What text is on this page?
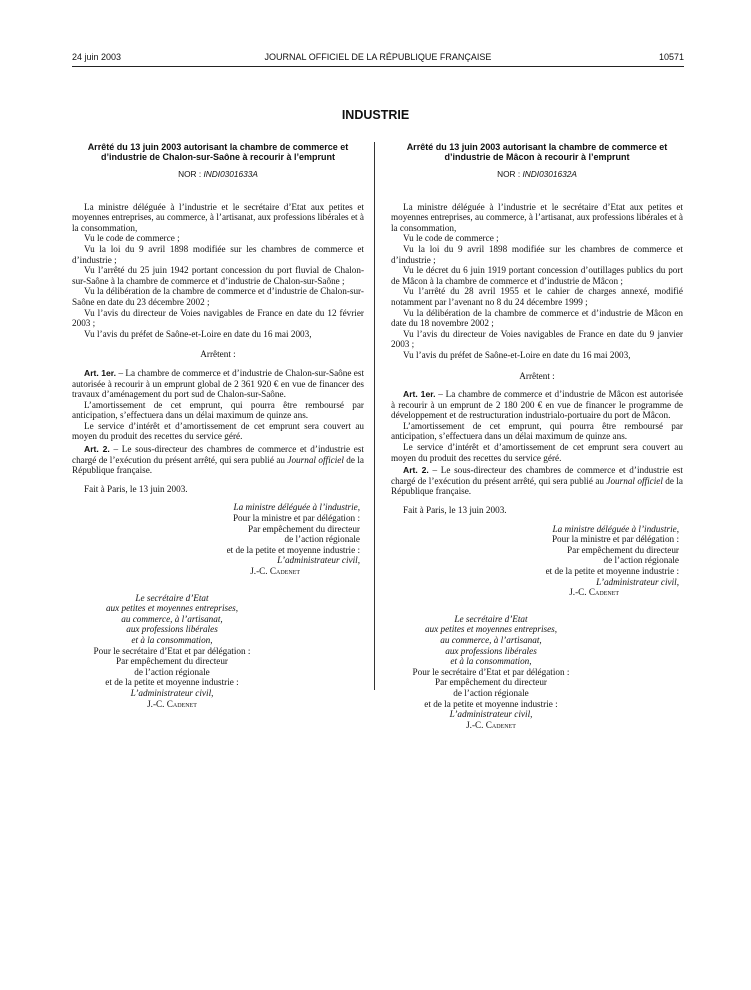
24 juin 2003	JOURNAL OFFICIEL DE LA RÉPUBLIQUE FRANÇAISE	10571
INDUSTRIE
Arrêté du 13 juin 2003 autorisant la chambre de commerce et d’industrie de Chalon-sur-Saône à recourir à l’emprunt
NOR : INDI0301633A

La ministre déléguée à l’industrie et le secrétaire d’Etat aux petites et moyennes entreprises, au commerce, à l’artisanat, aux professions libérales et à la consommation,

Vu le code de commerce ;

Vu la loi du 9 avril 1898 modifiée sur les chambres de commerce et d’industrie ;

Vu l’arrêté du 25 juin 1942 portant concession du port fluvial de Chalon-sur-Saône à la chambre de commerce et d’industrie de Chalon-sur-Saône ;

Vu la délibération de la chambre de commerce et d’industrie de Chalon-sur-Saône en date du 23 décembre 2002 ;

Vu l’avis du directeur de Voies navigables de France en date du 12 février 2003 ;

Vu l’avis du préfet de Saône-et-Loire en date du 16 mai 2003,

Arrêtent :

Art. 1er. – La chambre de commerce et d’industrie de Chalon-sur-Saône est autorisée à recourir à un emprunt global de 2 361 920 € en vue de financer des travaux d’aménagement du port sud de Chalon-sur-Saône.

L’amortissement de cet emprunt, qui pourra être remboursé par anticipation, s’effectuera dans un délai maximum de quinze ans.

Le service d’intérêt et d’amortissement de cet emprunt sera couvert au moyen du produit des recettes du service géré.

Art. 2. – Le sous-directeur des chambres de commerce et d’industrie est chargé de l’exécution du présent arrêté, qui sera publié au Journal officiel de la République française.

Fait à Paris, le 13 juin 2003.

La ministre déléguée à l’industrie,
Pour la ministre et par délégation :
Par empêchement du directeur
de l’action régionale
et de la petite et moyenne industrie :
L’administrateur civil,
J.-C. Cadenet
Le secrétaire d’Etat
aux petites et moyennes entreprises,
au commerce, à l’artisanat,
aux professions libérales
et à la consommation,
Pour le secrétaire d’Etat et par délégation :
Par empêchement du directeur
de l’action régionale
et de la petite et moyenne industrie :
L’administrateur civil,
J.-C. Cadenet
Arrêté du 13 juin 2003 autorisant la chambre de commerce et d’industrie de Mâcon à recourir à l’emprunt
NOR : INDI0301632A

La ministre déléguée à l’industrie et le secrétaire d’Etat aux petites et moyennes entreprises, au commerce, à l’artisanat, aux professions libérales et à la consommation,

Vu le code de commerce ;

Vu la loi du 9 avril 1898 modifiée sur les chambres de commerce et d’industrie ;

Vu le décret du 6 juin 1919 portant concession d’outillages publics du port de Mâcon à la chambre de commerce et d’industrie de Mâcon ;

Vu l’arrêté du 28 avril 1955 et le cahier de charges annexé, modifié notamment par l’avenant no 8 du 24 décembre 1999 ;

Vu la délibération de la chambre de commerce et d’industrie de Mâcon en date du 18 novembre 2002 ;

Vu l’avis du directeur de Voies navigables de France en date du 9 janvier 2003 ;

Vu l’avis du préfet de Saône-et-Loire en date du 16 mai 2003,

Arrêtent :

Art. 1er. – La chambre de commerce et d’industrie de Mâcon est autorisée à recourir à un emprunt de 2 180 200 € en vue de financer le programme de développement et de restructuration industrialo-portuaire du port de Mâcon.

L’amortissement de cet emprunt, qui pourra être remboursé par anticipation, s’effectuera dans un délai maximum de quinze ans.

Le service d’intérêt et d’amortissement de cet emprunt sera couvert au moyen du produit des recettes du service géré.

Art. 2. – Le sous-directeur des chambres de commerce et d’industrie est chargé de l’exécution du présent arrêté, qui sera publié au Journal officiel de la République française.

Fait à Paris, le 13 juin 2003.

La ministre déléguée à l’industrie,
Pour la ministre et par délégation :
Par empêchement du directeur
de l’action régionale
et de la petite et moyenne industrie :
L’administrateur civil,
J.-C. Cadenet
Le secrétaire d’Etat
aux petites et moyennes entreprises,
au commerce, à l’artisanat,
aux professions libérales
et à la consommation,
Pour le secrétaire d’Etat et par délégation :
Par empêchement du directeur
de l’action régionale
et de la petite et moyenne industrie :
L’administrateur civil,
J.-C. Cadenet
